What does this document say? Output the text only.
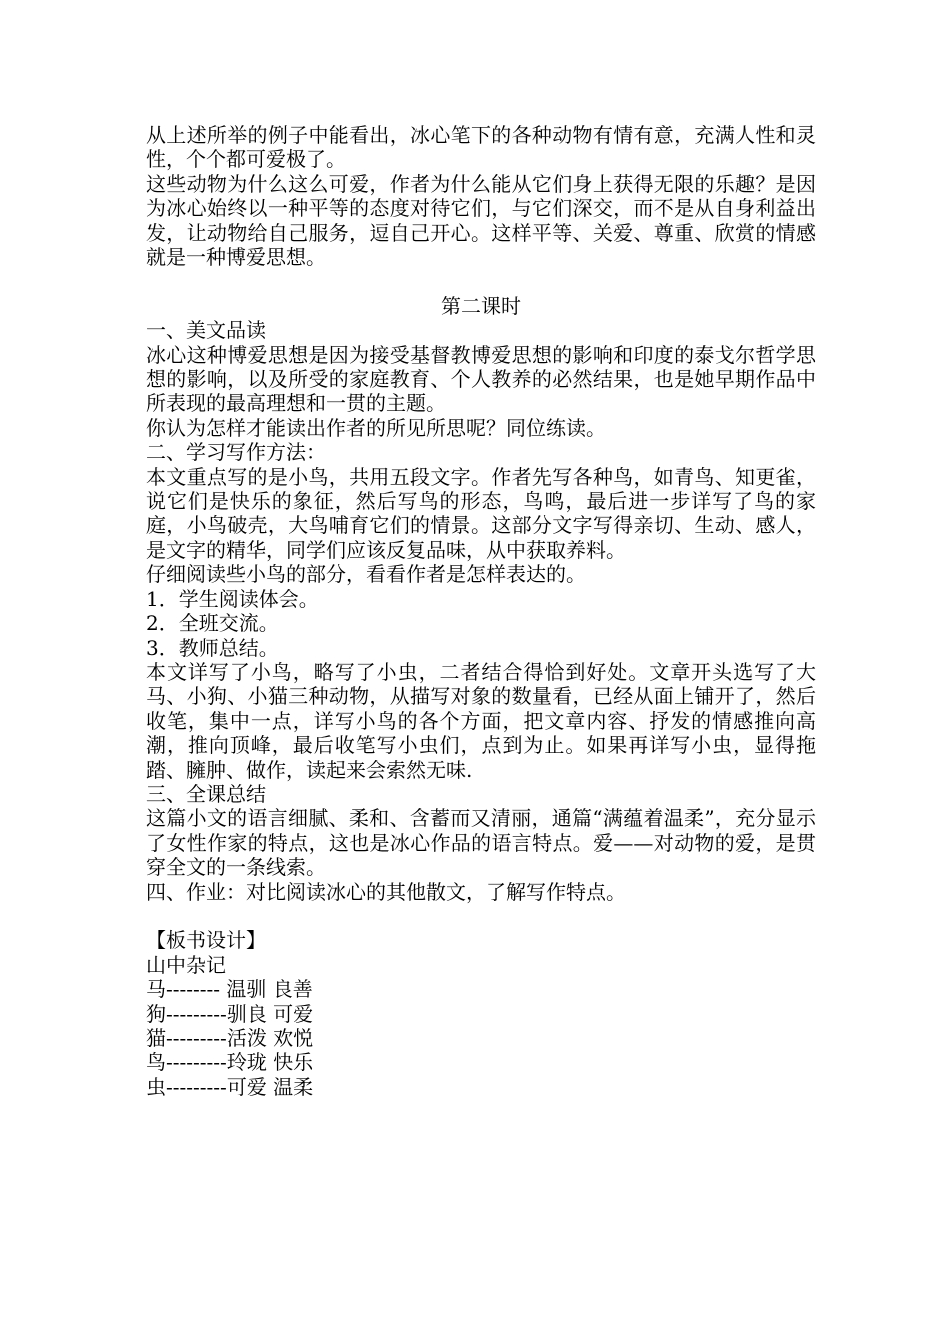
从上述所举的例子中能看出，冰心笔下的各种动物有情有意，充满人性和灵性，个个都可爱极了。

这些动物为什么这么可爱，作者为什么能从它们身上获得无限的乐趣？是因为冰心始终以一种平等的态度对待它们，与它们深交，而不是从自身利益出发，让动物给自己服务，逗自己开心。这样平等、关爱、尊重、欣赏的情感就是一种博爱思想。

第二课时

一、美文品读

冰心这种博爱思想是因为接受基督教博爱思想的影响和印度的泰戈尔哲学思想的影响，以及所受的家庭教育、个人教养的必然结果，也是她早期作品中所表现的最高理想和一贯的主题。

你认为怎样才能读出作者的所见所思呢？同位练读。

二、学习写作方法：

本文重点写的是小鸟，共用五段文字。作者先写各种鸟，如青鸟、知更雀，说它们是快乐的象征，然后写鸟的形态，鸟鸣，最后进一步详写了鸟的家庭，小鸟破壳，大鸟哺育它们的情景。这部分文字写得亲切、生动、感人，是文字的精华，同学们应该反复品味，从中获取养料。

仔细阅读些小鸟的部分，看看作者是怎样表达的。

1．学生阅读体会。

2．全班交流。

3．教师总结。

本文详写了小鸟，略写了小虫，二者结合得恰到好处。文章开头选写了大马、小狗、小猫三种动物，从描写对象的数量看，已经从面上铺开了，然后收笔，集中一点，详写小鸟的各个方面，把文章内容、抒发的情感推向高潮，推向顶峰，最后收笔写小虫们，点到为止。如果再详写小虫，显得拖踏、臃肿、做作，读起来会索然无味.

三、全课总结

这篇小文的语言细腻、柔和、含蓄而又清丽，通篇“满蕴着温柔”，充分显示了女性作家的特点，这也是冰心作品的语言特点。爱——对动物的爱，是贯穿全文的一条线索。

四、作业：对比阅读冰心的其他散文，了解写作特点。

【板书设计】

山中杂记

马-------- 温驯 良善

狗---------驯良 可爱

猫---------活泼 欢悦

鸟---------玲珑 快乐

虫---------可爱 温柔
